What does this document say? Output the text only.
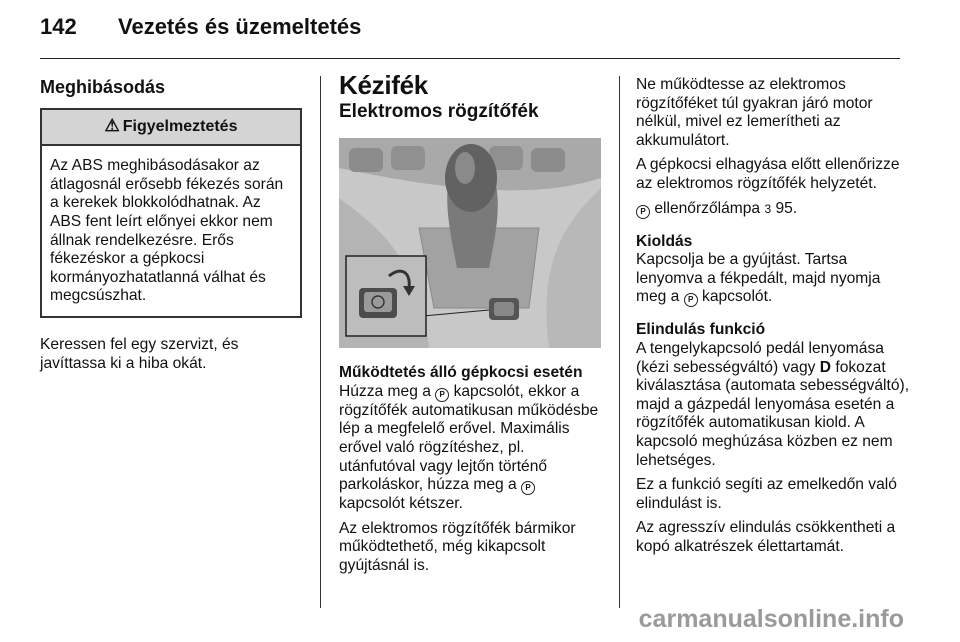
142 Vezetés és üzemeltetés
Meghibásodás
⚠ Figyelmeztetés
Az ABS meghibásodásakor az átlagosnál erősebb fékezés során a kerekek blokkolódhatnak. Az ABS fent leírt előnyei ekkor nem állnak rendelkezésre. Erős fékezéskor a gépkocsi kormányozhatatlanná válhat és megcsúszhat.

Keressen fel egy szervizt, és javíttassa ki a hiba okát.

Kézifék
Elektromos rögzítőfék
Működtetés álló gépkocsi esetén

Húzza meg a P kapcsolót, ekkor a rögzítőfék automatikusan működésbe lép a megfelelő erővel. Maximális erővel való rögzítéshez, pl. utánfutóval vagy lejtőn történő parkoláskor, húzza meg a P kapcsolót kétszer.

Az elektromos rögzítőfék bármikor működtethető, még kikapcsolt gyújtásnál is.

Ne működtesse az elektromos rögzítőféket túl gyakran járó motor nélkül, mivel ez lemerítheti az akkumulátort.

A gépkocsi elhagyása előtt ellenőrizze az elektromos rögzítőfék helyzetét.

P ellenőrzőlámpa 3 95.

Kioldás

Kapcsolja be a gyújtást. Tartsa lenyomva a fékpedált, majd nyomja meg a P kapcsolót.

Elindulás funkció

A tengelykapcsoló pedál lenyomása (kézi sebességváltó) vagy D fokozat kiválasztása (automata sebességváltó), majd a gázpedál lenyomása esetén a rögzítőfék automatikusan kiold. A kapcsoló meghúzása közben ez nem lehetséges.

Ez a funkció segíti az emelkedőn való elindulást is.

Az agresszív elindulás csökkentheti a kopó alkatrészek élettartamát.

carmanualsonline.info
